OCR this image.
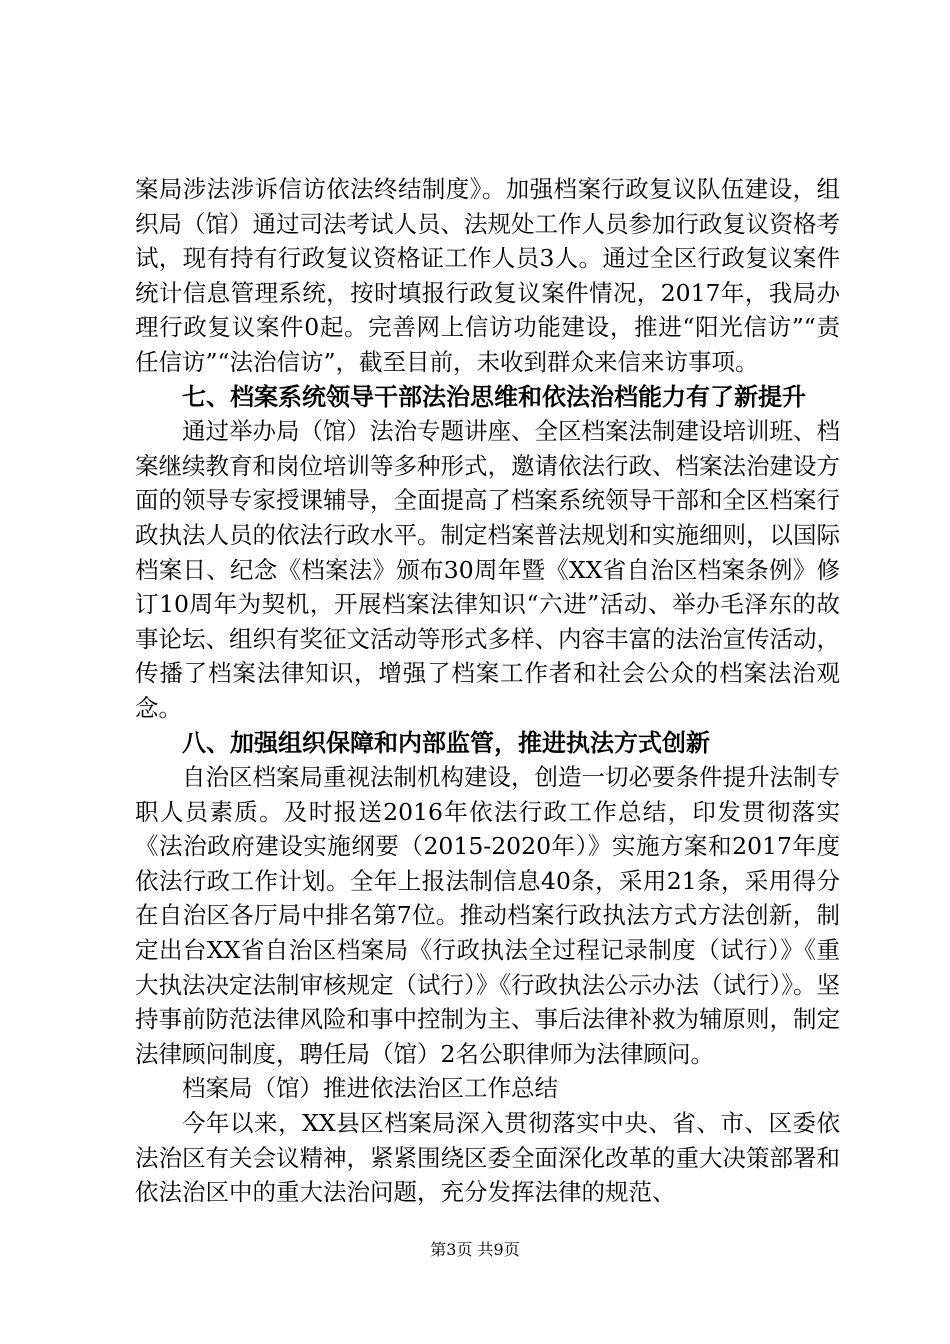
案局涉法涉诉信访依法终结制度》。加强档案行政复议队伍建设，组织局（馆）通过司法考试人员、法规处工作人员参加行政复议资格考试，现有持有行政复议资格证工作人员3人。通过全区行政复议案件统计信息管理系统，按时填报行政复议案件情况，2017年，我局办理行政复议案件0起。完善网上信访功能建设，推进“阳光信访”“责任信访”“法治信访”，截至目前，未收到群众来信来访事项。

七、档案系统领导干部法治思维和依法治档能力有了新提升

通过举办局（馆）法治专题讲座、全区档案法制建设培训班、档案继续教育和岗位培训等多种形式，邀请依法行政、档案法治建设方面的领导专家授课辅导，全面提高了档案系统领导干部和全区档案行政执法人员的依法行政水平。制定档案普法规划和实施细则，以国际档案日、纪念《档案法》颁布30周年暨《XX省自治区档案条例》修订10周年为契机，开展档案法律知识“六进”活动、举办毛泽东的故事论坛、组织有奖征文活动等形式多样、内容丰富的法治宣传活动，传播了档案法律知识，增强了档案工作者和社会公众的档案法治观念。

八、加强组织保障和内部监管，推进执法方式创新

自治区档案局重视法制机构建设，创造一切必要条件提升法制专职人员素质。及时报送2016年依法行政工作总结，印发贯彻落实《法治政府建设实施纲要（2015-2020年）》实施方案和2017年度依法行政工作计划。全年上报法制信息40条，采用21条，采用得分在自治区各厅局中排名第7位。推动档案行政执法方式方法创新，制定出台XX省自治区档案局《行政执法全过程记录制度（试行）》《重大执法决定法制审核规定（试行）》《行政执法公示办法（试行）》。坚持事前防范法律风险和事中控制为主、事后法律补救为辅原则，制定法律顾问制度，聘任局（馆）2名公职律师为法律顾问。

档案局（馆）推进依法治区工作总结

今年以来，XX县区档案局深入贯彻落实中央、省、市、区委依法治区有关会议精神，紧紧围绕区委全面深化改革的重大决策部署和依法治区中的重大法治问题，充分发挥法律的规范、

第3页 共9页
